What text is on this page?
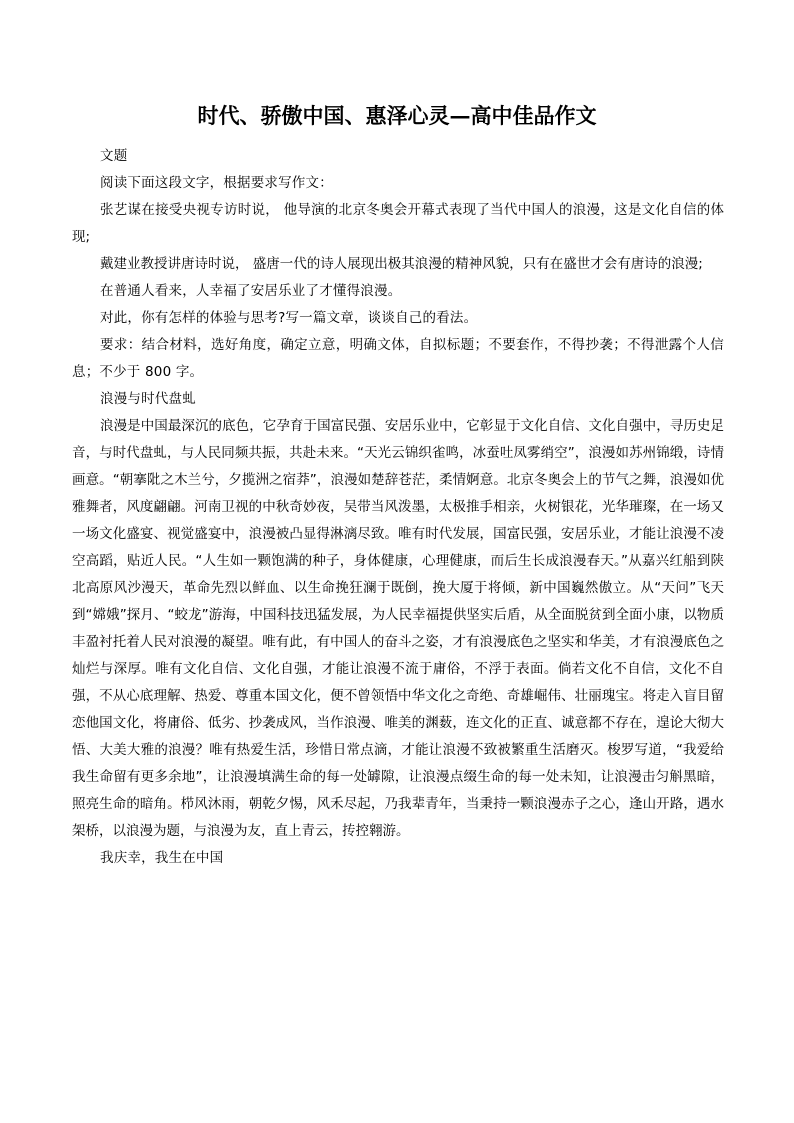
时代、骄傲中国、惠泽心灵—高中佳品作文

文题

阅读下面这段文字，根据要求写作文：

张艺谋在接受央视专访时说， 他导演的北京冬奥会开幕式表现了当代中国人的浪漫，这是文化自信的体现;

戴建业教授讲唐诗时说， 盛唐一代的诗人展现出极其浪漫的精神风貌，只有在盛世才会有唐诗的浪漫;

在普通人看来，人幸福了安居乐业了才懂得浪漫。

对此，你有怎样的体验与思考?写一篇文章，谈谈自己的看法。

要求：结合材料，选好角度，确定立意，明确文体，自拟标题；不要套作，不得抄袭；不得泄露个人信息；不少于 800 字。

浪漫与时代盘虬

浪漫是中国最深沉的底色，它孕育于国富民强、安居乐业中，它彰显于文化自信、文化自强中，寻历史足音，与时代盘虬，与人民同频共振，共赴未来。“天光云锦织雀鸣，冰蚕吐凤雾绡空”，浪漫如苏州锦缎，诗情画意。“朝搴阰之木兰兮，夕揽洲之宿莽”，浪漫如楚辞苍茫，柔情婀意。北京冬奥会上的节气之舞，浪漫如优雅舞者，风度翩翩。河南卫视的中秋奇妙夜，吴带当风泼墨，太极推手相亲，火树银花，光华璀璨，在一场又一场文化盛宴、视觉盛宴中，浪漫被凸显得淋漓尽致。唯有时代发展，国富民强，安居乐业，才能让浪漫不凌空高蹈，贴近人民。“人生如一颗饱满的种子，身体健康，心理健康，而后生长成浪漫春天。”从嘉兴红船到陕北高原风沙漫天，革命先烈以鲜血、以生命挽狂澜于既倒，挽大厦于将倾，新中国巍然傲立。从“天问”飞天到“嫦娥”探月、“蛟龙”游海，中国科技迅猛发展，为人民幸福提供坚实后盾，从全面脱贫到全面小康，以物质丰盈衬托着人民对浪漫的凝望。唯有此，有中国人的奋斗之姿，才有浪漫底色之坚实和华美，才有浪漫底色之灿烂与深厚。唯有文化自信、文化自强，才能让浪漫不流于庸俗，不浮于表面。倘若文化不自信，文化不自强，不从心底理解、热爱、尊重本国文化，便不曾领悟中华文化之奇绝、奇雄崛伟、壮丽瑰宝。将走入盲目留恋他国文化，将庸俗、低劣、抄袭成风，当作浪漫、唯美的渊薮，连文化的正直、诚意都不存在，遑论大彻大悟、大美大雅的浪漫？唯有热爱生活，珍惜日常点滴，才能让浪漫不致被繁重生活磨灭。梭罗写道，“我爱给我生命留有更多余地”，让浪漫填满生命的每一处罅隙，让浪漫点缀生命的每一处未知，让浪漫击匀斛黑暗，照亮生命的暗角。栉风沐雨，朝乾夕惕，风禾尽起，乃我辈青年，当秉持一颗浪漫赤子之心，逢山开路，遇水架桥，以浪漫为题，与浪漫为友，直上青云，抟控翱游。

我庆幸，我生在中国
